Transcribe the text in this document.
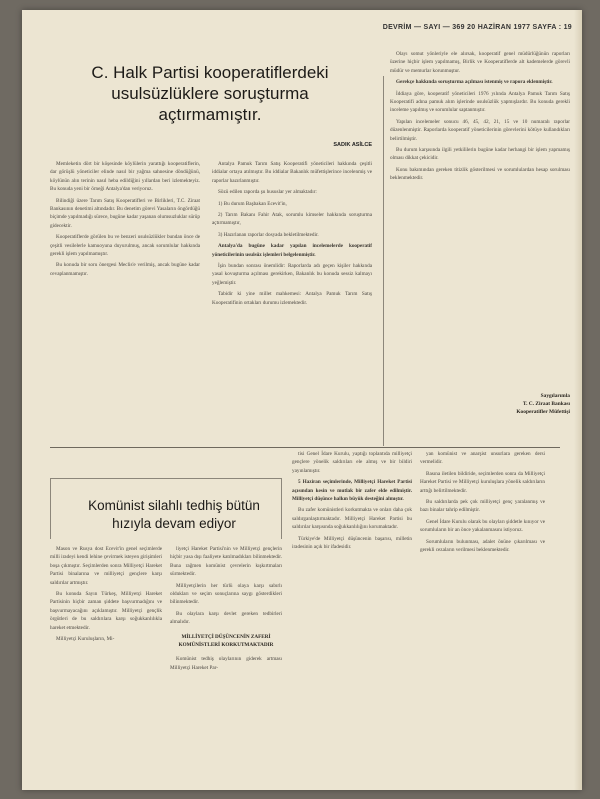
DEVRİM — SAYI — 369 20 HAZİRAN 1977 SAYFA : 19
C. Halk Partisi kooperatiflerdeki
usulsüzlüklere soruşturma
açtırmamıştır.
SADIK ASİLCE

Memleketin dört bir köşesinde köylülerin yarattığı kooperatiflerin, dar görüşlü yöneticiler elinde nasıl bir yağma sahnesine döndüğünü, köylünün alın terinin nasıl heba edildiğini yıllardan beri izlemekteyiz. Bu konuda yeni bir örneği Antalya'dan veriyoruz.

Bilindiği üzere Tarım Satış Kooperatifleri ve Birlikleri, T.C. Ziraat Bankasının denetimi altındadır. Bu denetim görevi Yasaların öngördüğü biçimde yapılmadığı sürece, bugüne kadar yaşanan olumsuzluklar sürüp gidecektir.

Kooperatiflerde görülen bu ve benzeri usulsüzlükler bundan önce de çeşitli vesilelerle kamuoyuna duyurulmuş, ancak sorumlular hakkında gerekli işlem yapılmamıştır.

Bu konuda bir soru önergesi Meclis'e verilmiş, ancak bugüne kadar cevaplanmamıştır.

Antalya Pamuk Tarım Satış Kooperatifi yöneticileri hakkında çeşitli iddialar ortaya atılmıştır. Bu iddialar Bakanlık müfettişlerince incelenmiş ve raporlar hazırlanmıştır.

Sözü edilen raporda şu hususlar yer almaktadır:

1) Bu durum Başbakan Ecevit'in,

2) Tarım Bakanı Fahir Atak, sorumlu kimseler hakkında soruşturma açtırmamıştır,

3) Hazırlanan raporlar dosyada bekletilmektedir.

Antalya'da bugüne kadar yapılan incelemelerde kooperatif yöneticilerinin usulsüz işlemleri belgelenmiştir.

İşin bundan sonrası önemlidir: Raporlarda adı geçen kişiler hakkında yasal kovuşturma açılması gerekirken, Bakanlık bu konuda sessiz kalmayı yeğlemiştir.

Tabidir ki yine millet mahkemesi: Antalya Pamuk Tarım Satış Kooperatifinin ortakları durumu izlemektedir.

Olayı somut yönleriyle ele alırsak, kooperatif genel müdürlüğünün raporları üzerine hiçbir işlem yapılmamış, Birlik ve Kooperatiflerde alt kademelerde görevli müdür ve memurlar korunmuştur.

Gerekçe hakkında soruşturma açılması istenmiş ve rapora eklenmiştir.

İddiaya göre, kooperatif yöneticileri 1976 yılında Antalya Pamuk Tarım Satış Kooperatifi adına pamuk alım işlerinde usulsüzlük yapmışlardır. Bu konuda gerekli inceleme yapılmış ve sorumlular saptanmıştır.

Yapılan incelemeler sonucu 46, 45, 42, 21, 15 ve 10 numaralı raporlar düzenlenmiştir. Raporlarda kooperatif yöneticilerinin görevlerini kötüye kullandıkları belirtilmiştir.

Bu durum karşısında ilgili yetkililerin bugüne kadar herhangi bir işlem yapmamış olması dikkat çekicidir.

Konu bakımından gereken titizlik gösterilmesi ve sorumlulardan hesap sorulması beklenmektedir.

Saygılarımla
T. C. Ziraat Bankası
Kooperatifler Müfettişi
Komünist silahlı tedhiş bütün
hızıyla devam ediyor

Mason ve Rusya dost Ecevit'in genel seçimlerde milli iradeyi kendi lehine çevirmek isteyen girişimleri boşa çıkmıştır. Seçimlerden sonra Milliyetçi Hareket Partisi binalarına ve milliyetçi gençlere karşı saldırılar artmıştır.

Bu konuda Sayın Türkeş, Milliyetçi Hareket Partisinin hiçbir zaman şiddete başvurmadığını ve başvurmayacağını açıklamıştır. Milliyetçi gençlik örgütleri de bu saldırılara karşı soğukkanlılıkla hareket etmektedir.

Milliyetçi Kuruluşların, Mi-

liyetçi Hareket Partisi'nin ve Milliyetçi gençlerin hiçbir yasa dışı faaliyete katılmadıkları bilinmektedir. Buna rağmen komünist çevrelerin kışkırtmaları sürmektedir.

Milliyetçilerin her türlü olaya karşı sabırlı oldukları ve seçim sonuçlarına saygı gösterdikleri bilinmektedir.

Bu olaylara karşı devlet gereken tedbirleri almalıdır.

MİLLİYETÇİ DÜŞÜNCENİN ZAFERİ KOMÜNİSTLERİ KORKUTMAKTADIR

Komünist tedhiş olaylarının giderek artması Milliyetçi Hareket Par-

tisi Genel İdare Kurulu, yaptığı toplantıda milliyetçi gençlere yönelik saldırıları ele almış ve bir bildiri yayınlamıştır.

5 Haziran seçimlerinde, Milliyetçi Hareket Partisi açısından kesin ve mutlak bir zafer elde edilmiştir. Milliyetçi düşünce halkın büyük desteğini almıştır.

Bu zafer komünistleri korkutmakta ve onları daha çok saldırganlaştırmaktadır. Milliyetçi Hareket Partisi bu saldırılar karşısında soğukkanlılığını korumaktadır.

Türkiye'de Milliyetçi düşüncenin başarısı, milletin iradesinin açık bir ifadesidir.

yan komünist ve anarşist unsurlara gereken dersi vermelidir.

Basına iletilen bildiride, seçimlerden sonra da Milliyetçi Hareket Partisi ve Milliyetçi kuruluşlara yönelik saldırıların arttığı belirtilmektedir.

Bu saldırılarda pek çok milliyetçi genç yaralanmış ve bazı binalar tahrip edilmiştir.

Genel İdare Kurulu olarak bu olayları şiddetle kınıyor ve sorumluların bir an önce yakalanmasını istiyoruz.

Sorumluların bulunması, adalet önüne çıkarılması ve gerekli cezaların verilmesi beklenmektedir.
